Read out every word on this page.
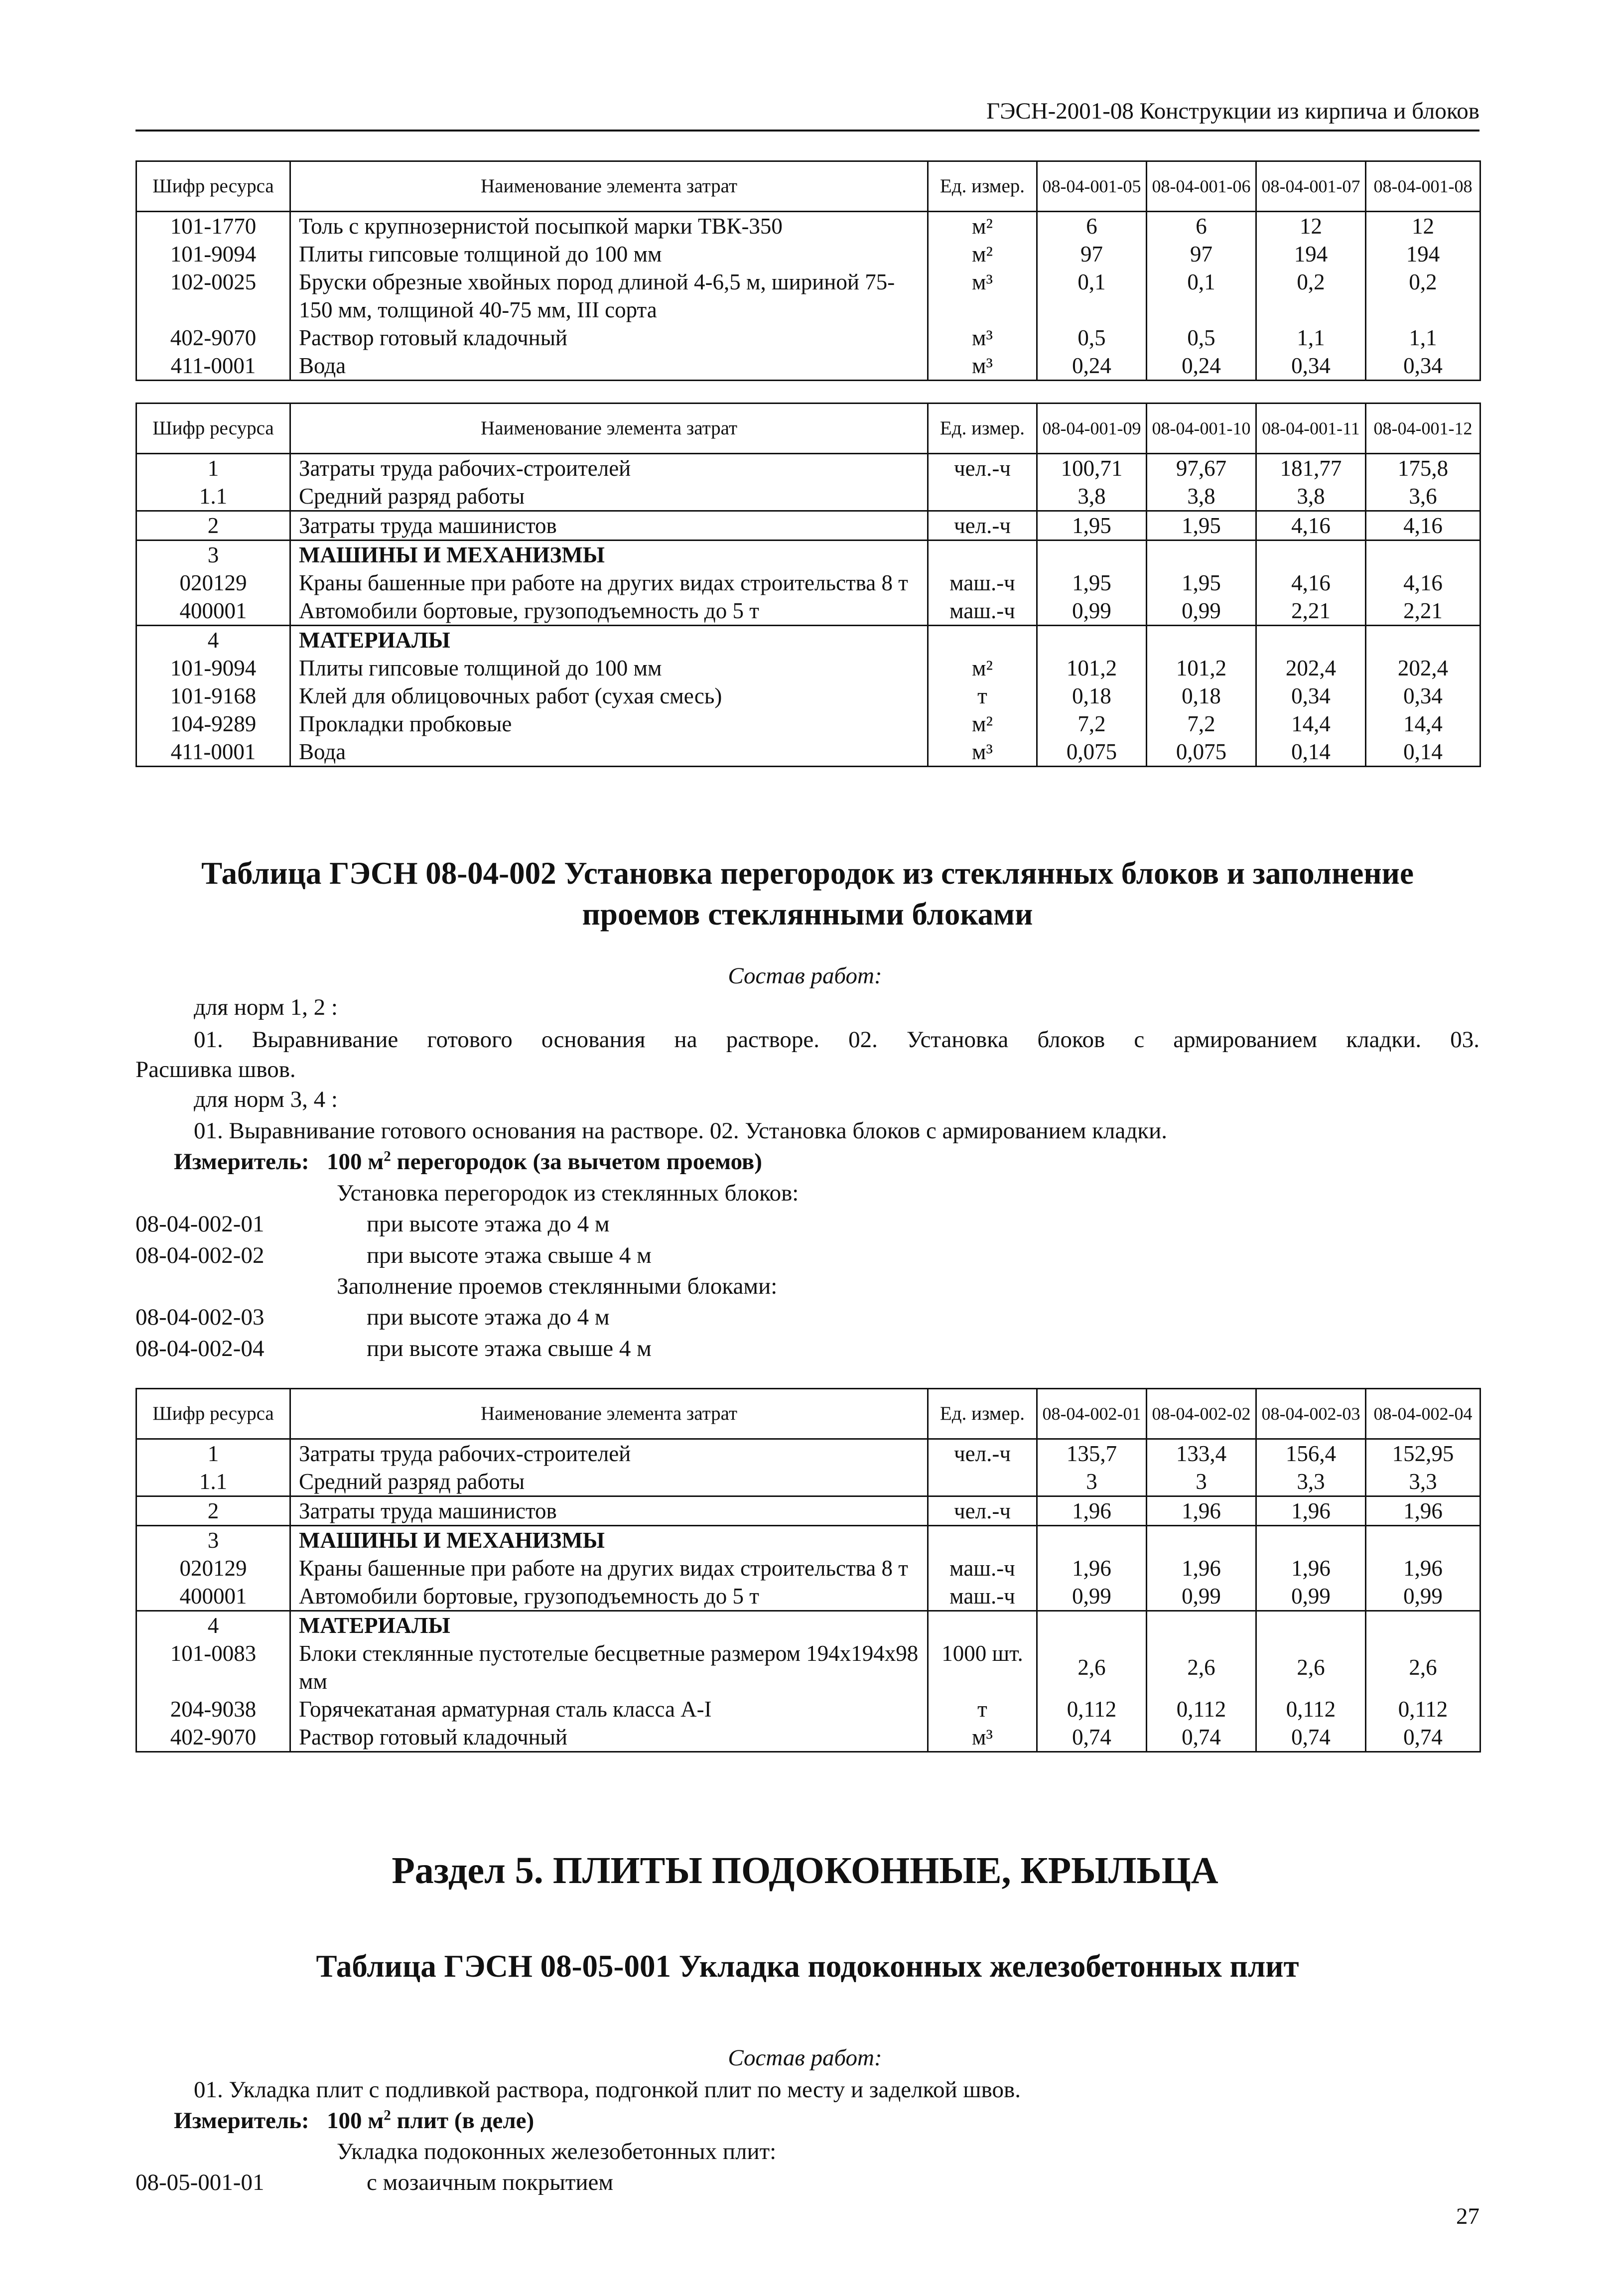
ГЭСН-2001-08 Конструкции из кирпича и блоков
Шифр ресурса	Наименование элемента затрат	Ед. измер.	08-04-001-05	08-04-001-06	08-04-001-07	08-04-001-08
101-1770	Толь с крупнозернистой посыпкой марки ТВК-350	м²	6	6	12	12
101-9094	Плиты гипсовые толщиной до 100 мм	м²	97	97	194	194
102-0025	Бруски обрезные хвойных пород длиной 4-6,5 м, шириной 75-150 мм, толщиной 40-75 мм, III сорта	м³	0,1	0,1	0,2	0,2
402-9070	Раствор готовый кладочный	м³	0,5	0,5	1,1	1,1
411-0001	Вода	м³	0,24	0,24	0,34	0,34
Шифр ресурса	Наименование элемента затрат	Ед. измер.	08-04-001-09	08-04-001-10	08-04-001-11	08-04-001-12
1	Затраты труда рабочих-строителей	чел.-ч	100,71	97,67	181,77	175,8
1.1	Средний разряд работы		3,8	3,8	3,8	3,6
2	Затраты труда машинистов	чел.-ч	1,95	1,95	4,16	4,16
3	МАШИНЫ И МЕХАНИЗМЫ					
020129	Краны башенные при работе на других видах строительства 8 т	маш.-ч	1,95	1,95	4,16	4,16
400001	Автомобили бортовые, грузоподъемность до 5 т	маш.-ч	0,99	0,99	2,21	2,21
4	МАТЕРИАЛЫ					
101-9094	Плиты гипсовые толщиной до 100 мм	м²	101,2	101,2	202,4	202,4
101-9168	Клей для облицовочных работ (сухая смесь)	т	0,18	0,18	0,34	0,34
104-9289	Прокладки пробковые	м²	7,2	7,2	14,4	14,4
411-0001	Вода	м³	0,075	0,075	0,14	0,14
Таблица ГЭСН 08-04-002 Установка перегородок из стеклянных блоков и заполнение
проемов стеклянными блоками
Состав работ:
для норм 1, 2 :
01. Выравнивание готового основания на растворе. 02. Установка блоков с армированием кладки. 03.
Расшивка швов.
для норм 3, 4 :
01. Выравнивание готового основания на растворе. 02. Установка блоков с армированием кладки.
Измеритель: 100 $м^2$ перегородок (за вычетом проемов)
Установка перегородок из стеклянных блоков:
08-04-002-01	при высоте этажа до 4 м
08-04-002-02	при высоте этажа свыше 4 м
Заполнение проемов стеклянными блоками:
08-04-002-03	при высоте этажа до 4 м
08-04-002-04	при высоте этажа свыше 4 м
Шифр ресурса	Наименование элемента затрат	Ед. измер.	08-04-002-01	08-04-002-02	08-04-002-03	08-04-002-04
1	Затраты труда рабочих-строителей	чел.-ч	135,7	133,4	156,4	152,95
1.1	Средний разряд работы		3	3	3,3	3,3
2	Затраты труда машинистов	чел.-ч	1,96	1,96	1,96	1,96
3	МАШИНЫ И МЕХАНИЗМЫ					
020129	Краны башенные при работе на других видах строительства 8 т	маш.-ч	1,96	1,96	1,96	1,96
400001	Автомобили бортовые, грузоподъемность до 5 т	маш.-ч	0,99	0,99	0,99	0,99
4	МАТЕРИАЛЫ					
101-0083	Блоки стеклянные пустотелые бесцветные размером 194x194x98 мм	1000 шт.	2,6	2,6	2,6	2,6
204-9038	Горячекатаная арматурная сталь класса А-I	т	0,112	0,112	0,112	0,112
402-9070	Раствор готовый кладочный	м³	0,74	0,74	0,74	0,74
Раздел 5. ПЛИТЫ ПОДОКОННЫЕ, КРЫЛЬЦА
Таблица ГЭСН 08-05-001 Укладка подоконных железобетонных плит
Состав работ:
01. Укладка плит с подливкой раствора, подгонкой плит по месту и заделкой швов.
Измеритель: 100 $м^2$ плит (в деле)
Укладка подоконных железобетонных плит:
08-05-001-01	с мозаичным покрытием
27
